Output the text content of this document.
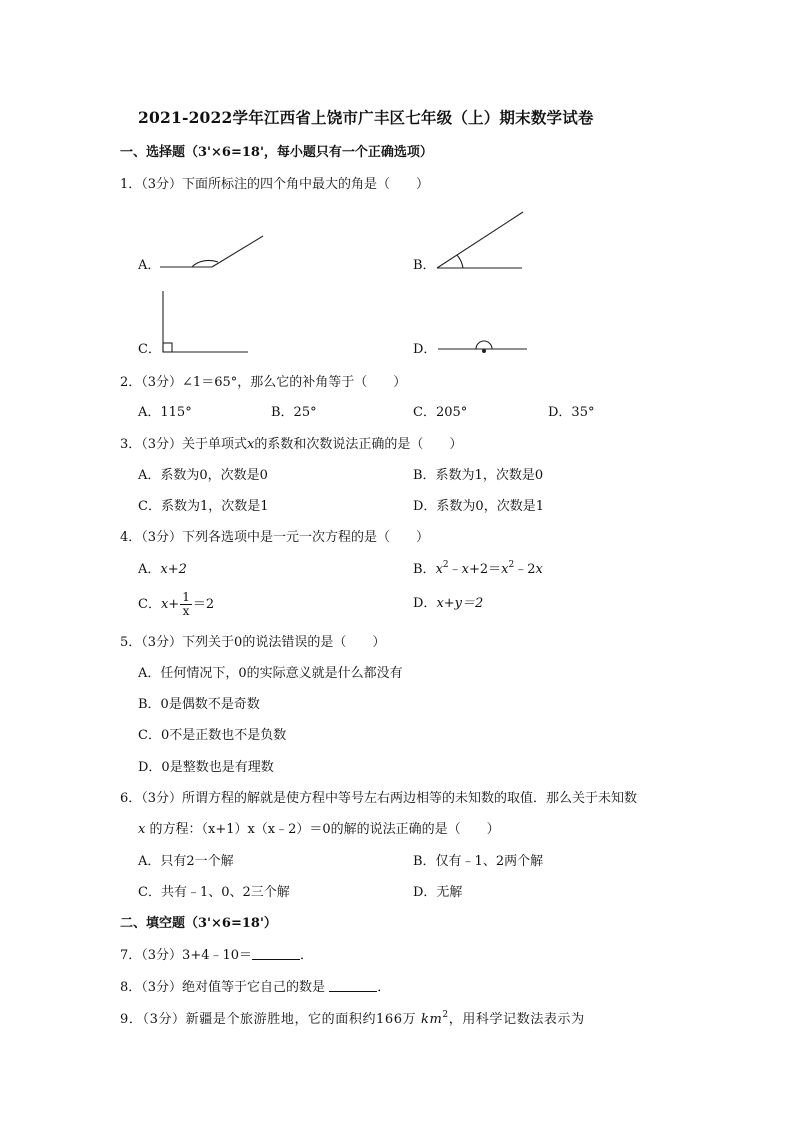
2021-2022学年江西省上饶市广丰区七年级（上）期末数学试卷
一、选择题（3'×6=18'，每小题只有一个正确选项）
1．（3分）下面所标注的四个角中最大的角是（　　）
A．	B．
C．	D．
2．（3分）∠1＝65°，那么它的补角等于（　　）
A．115°	B．25°	C．205°	D．35°
3．（3分）关于单项式x的系数和次数说法正确的是（　　）
A．系数为0，次数是0	B．系数为1，次数是0
C．系数为1，次数是1	D．系数为0，次数是1
4．（3分）下列各选项中是一元一次方程的是（　　）
A．x+2	B．$x^2﹣x+2=x^2﹣2x$
C． $x+ \frac{1}{x} =2$	D．x+y＝2
5．（3分）下列关于0的说法错误的是（　　）
A．任何情况下，0的实际意义就是什么都没有
B．0是偶数不是奇数
C．0不是正数也不是负数
D．0是整数也是有理数
6．（3分）所谓方程的解就是使方程中等号左右两边相等的未知数的取值．那么关于未知数
x 的方程：（x+1）x（x﹣2）＝0的解的说法正确的是（　　）
A．只有2一个解	B．仅有﹣1、2两个解
C．共有﹣1、0、2三个解	D．无解
二、填空题（3'×6=18'）
7．（3分）3+4﹣10＝	．
8．（3分）绝对值等于它自己的数是	．
9．（3分）新疆是个旅游胜地，它的面积约166万 $km^2$，用科学记数法表示为
